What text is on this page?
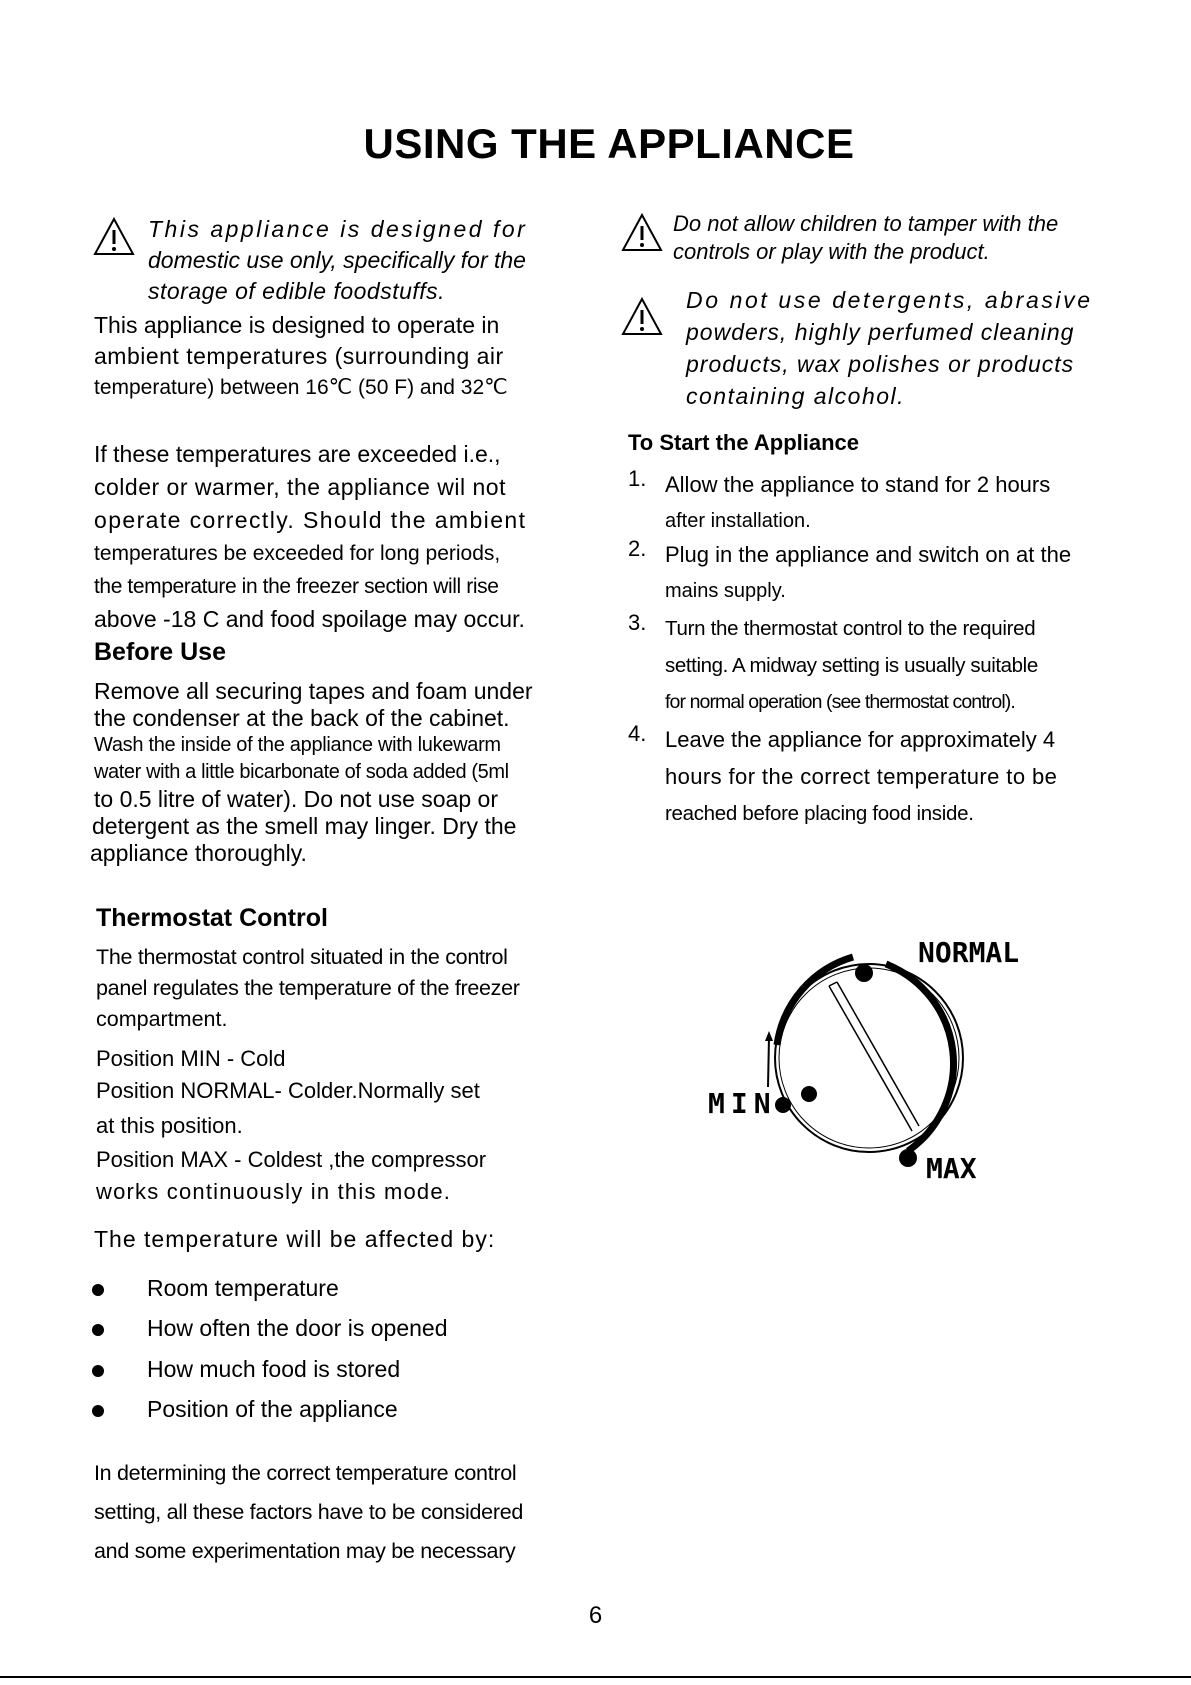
USING THE APPLIANCE
This appliance is designed for
domestic use only, specifically for the
storage of edible foodstuffs.
This appliance is designed to operate in
ambient temperatures (surrounding air
temperature) between 16℃ (50 F) and 32℃
If these temperatures are exceeded i.e.,
colder or warmer, the appliance wil not
operate correctly. Should the ambient
temperatures be exceeded for long periods,
the temperature in the freezer section will rise
above -18 C and food spoilage may occur.
Before Use
Remove all securing tapes and foam under
the condenser at the back of the cabinet.
Wash the inside of the appliance with lukewarm
water with a little bicarbonate of soda added (5ml
to 0.5 litre of water). Do not use soap or
detergent as the smell may linger. Dry the
appliance thoroughly.
Do not allow children to tamper with the
controls or play with the product.
Do not use detergents, abrasive
powders, highly perfumed cleaning
products, wax polishes or products
containing alcohol.
To Start the Appliance
1. Allow the appliance to stand for 2 hours
after installation.
2. Plug in the appliance and switch on at the
mains supply.
3. Turn the thermostat control to the required
setting. A midway setting is usually suitable
for normal operation (see thermostat control).
4. Leave the appliance for approximately 4
hours for the correct temperature to be
reached before placing food inside.
Thermostat Control
The thermostat control situated in the control
panel regulates the temperature of the freezer
compartment.
Position MIN - Cold
Position NORMAL- Colder.Normally set
at this position.
Position MAX - Coldest ,the compressor
works continuously in this mode.
The temperature will be affected by:
Room temperature
How often the door is opened
How much food is stored
Position of the appliance
In determining the correct temperature control
setting, all these factors have to be considered
and some experimentation may be necessary
NORMAL
MIN
MAX
6
